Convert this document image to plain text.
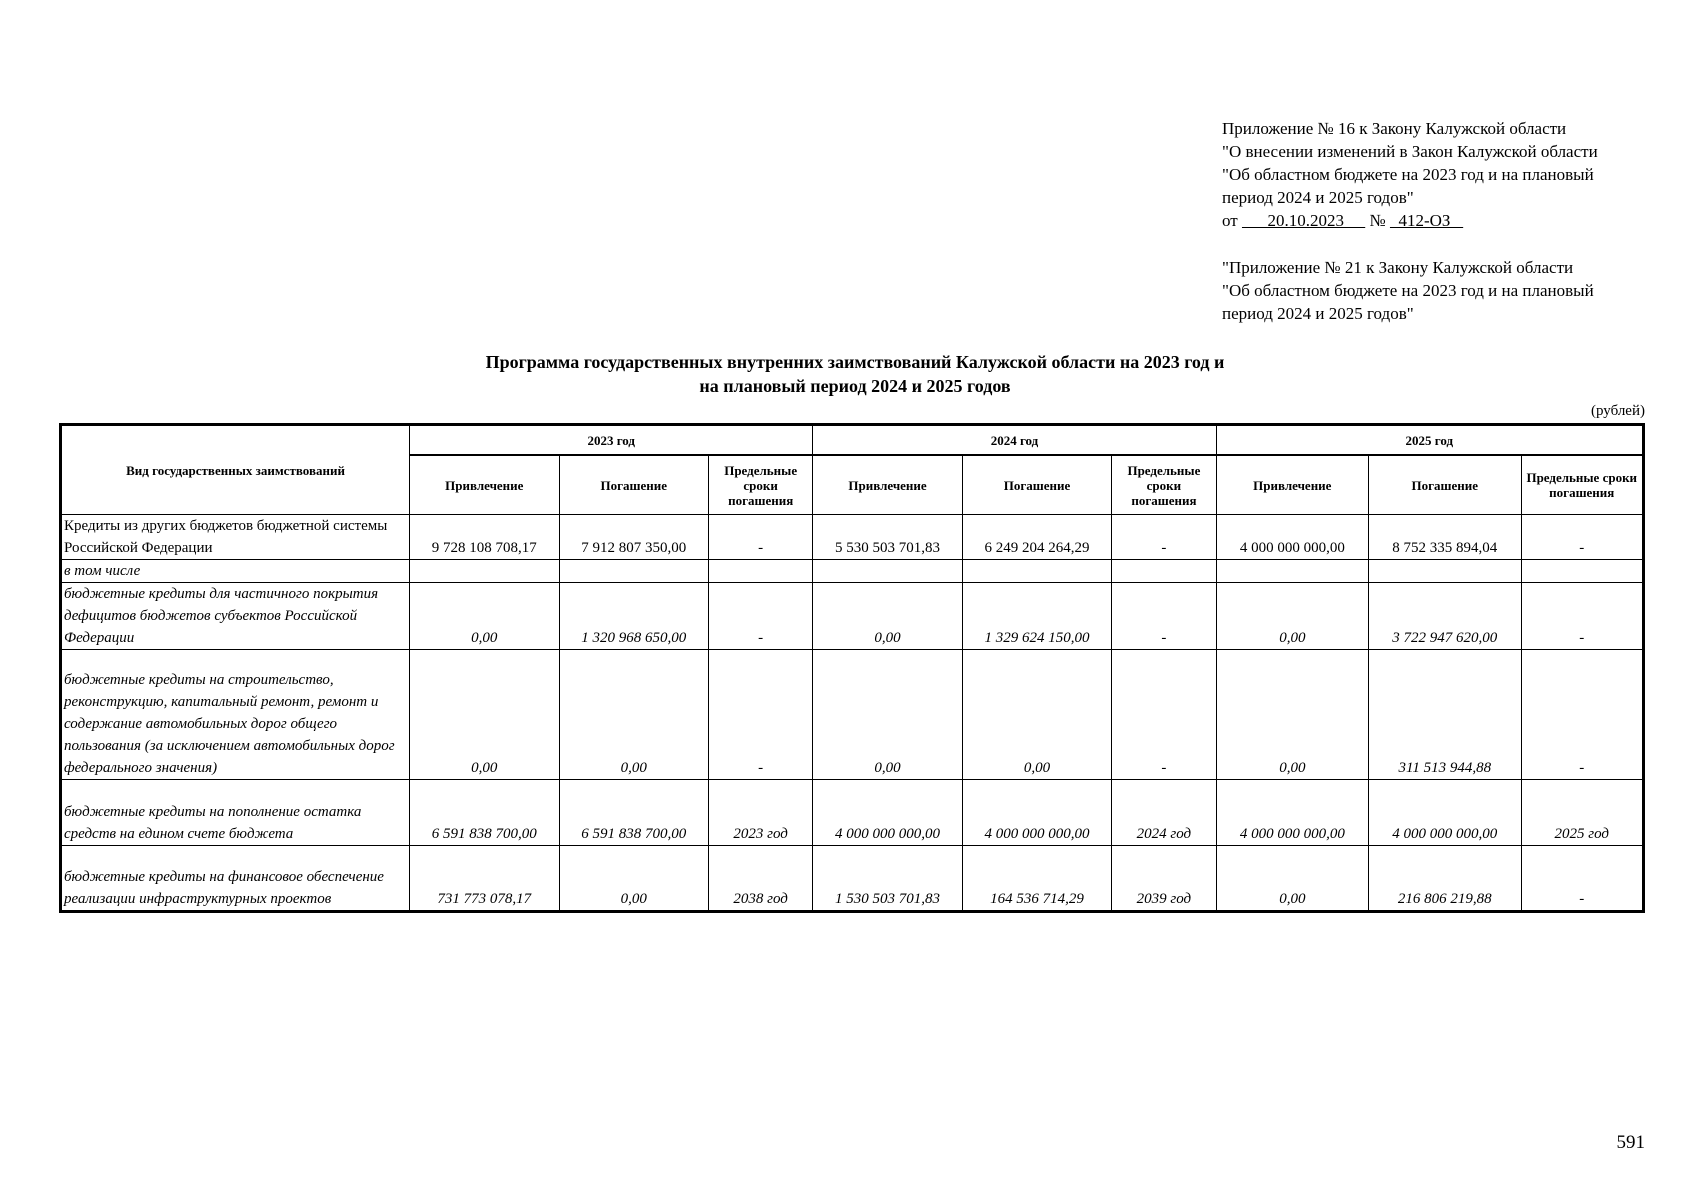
Приложение № 16 к Закону Калужской области
"О внесении изменений в Закон Калужской области
"Об областном бюджете на 2023 год и на плановый
период 2024 и 2025 годов"
от       20.10.2023      №   412-ОЗ
"Приложение № 21 к Закону Калужской области
"Об областном бюджете на 2023 год и на плановый
период 2024 и 2025 годов"
Программа государственных внутренних заимствований Калужской области на 2023 год и
на плановый период 2024 и 2025 годов
(рублей)
Вид государственных заимствований	2023 год			2024 год			2025 год		
	Привлечение	Погашение	Предельные сроки погашения	Привлечение	Погашение	Предельные сроки погашения	Привлечение	Погашение	Предельные сроки погашения
Кредиты из других бюджетов бюджетной системы Российской Федерации	9 728 108 708,17	7 912 807 350,00	-	5 530 503 701,83	6 249 204 264,29	-	4 000 000 000,00	8 752 335 894,04	-
в том числе									
бюджетные кредиты для частичного покрытия дефицитов бюджетов субъектов Российской Федерации	0,00	1 320 968 650,00	-	0,00	1 329 624 150,00	-	0,00	3 722 947 620,00	-
бюджетные кредиты на строительство, реконструкцию, капитальный ремонт, ремонт и содержание автомобильных дорог общего пользования (за исключением автомобильных дорог федерального значения)	0,00	0,00	-	0,00	0,00	-	0,00	311 513 944,88	-
бюджетные кредиты на пополнение остатка средств на едином счете бюджета	6 591 838 700,00	6 591 838 700,00	2023 год	4 000 000 000,00	4 000 000 000,00	2024 год	4 000 000 000,00	4 000 000 000,00	2025 год
бюджетные кредиты на финансовое обеспечение реализации инфраструктурных проектов	731 773 078,17	0,00	2038 год	1 530 503 701,83	164 536 714,29	2039 год	0,00	216 806 219,88	-
591
